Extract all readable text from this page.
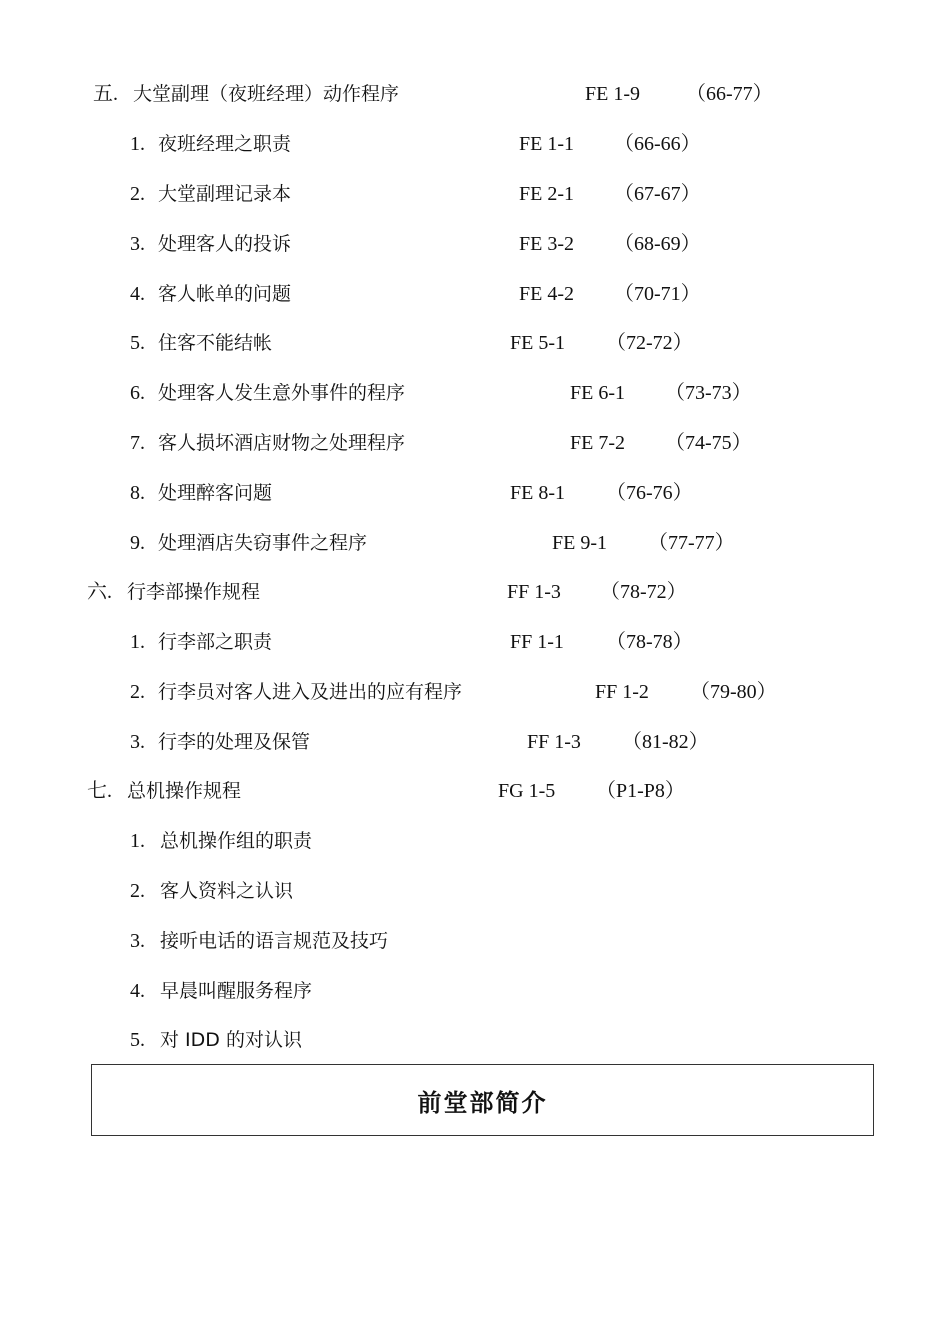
五. 大堂副理（夜班经理）动作程序	FE 1-9 （66-77）
1. 夜班经理之职责	FE 1-1 （66-66）
2. 大堂副理记录本	FE 2-1 （67-67）
3. 处理客人的投诉	FE 3-2 （68-69）
4. 客人帐单的问题	FE 4-2 （70-71）
5. 住客不能结帐	FE 5-1 （72-72）
6. 处理客人发生意外事件的程序	FE 6-1 （73-73）
7. 客人损坏酒店财物之处理程序	FE 7-2 （74-75）
8. 处理醉客问题	FE 8-1 （76-76）
9. 处理酒店失窃事件之程序	FE 9-1 （77-77）
六. 行李部操作规程	FF 1-3 （78-72）
1. 行李部之职责	FF 1-1 （78-78）
2. 行李员对客人进入及进出的应有程序	FF 1-2 （79-80）
3. 行李的处理及保管	FF 1-3 （81-82）
七. 总机操作规程	FG 1-5 （P1-P8）
1. 总机操作组的职责
2. 客人资料之认识
3. 接听电话的语言规范及技巧
4. 早晨叫醒服务程序
5. 对 IDD 的对认识
前堂部简介
